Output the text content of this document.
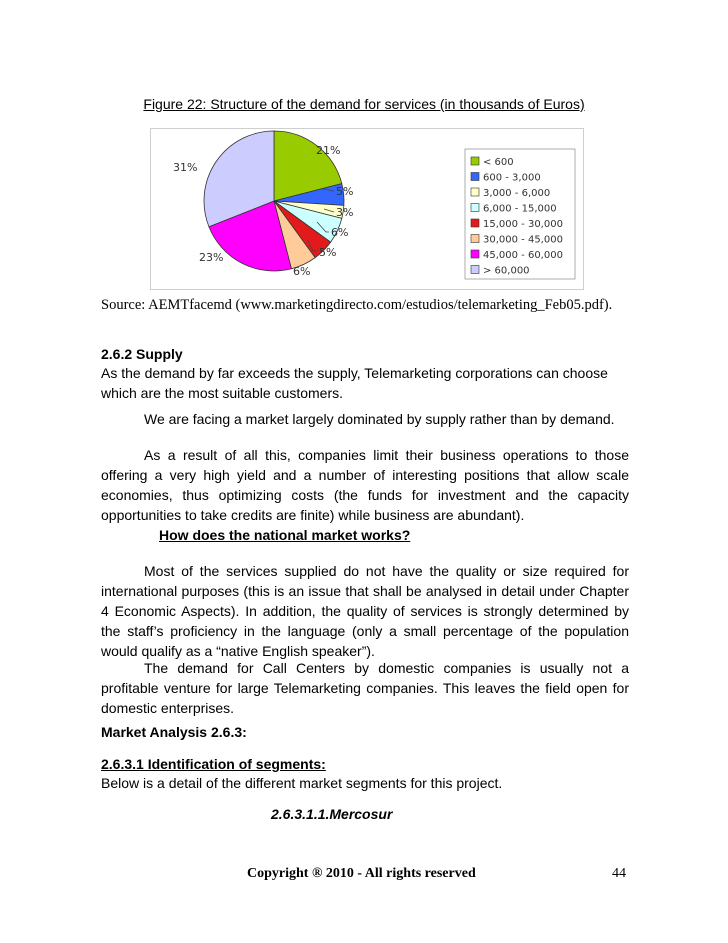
Figure 22: Structure of the demand for services (in thousands of Euros)
21%
5%
3%
6%
5%
6%
23%
31%	< 600
600 - 3,000
3,000 - 6,000
6,000 - 15,000
15,000 - 30,000
30,000 - 45,000
45,000 - 60,000
> 60,000
Source: AEMTfacemd (www.marketingdirecto.com/estudios/telemarketing_Feb05.pdf).
2.6.2 Supply
As the demand by far exceeds the supply, Telemarketing corporations can choose which are the most suitable customers.
We are facing a market largely dominated by supply rather than by demand.
As a result of all this, companies limit their business operations to those offering a very high yield and a number of interesting positions that allow scale economies, thus optimizing costs (the funds for investment and the capacity opportunities to take credits are finite) while business are abundant).
How does the national market works?
Most of the services supplied do not have the quality or size required for international purposes (this is an issue that shall be analysed in detail under Chapter 4 Economic Aspects). In addition, the quality of services is strongly determined by the staff’s proficiency in the language (only a small percentage of the population would qualify as a “native English speaker”).
The demand for Call Centers by domestic companies is usually not a profitable venture for large Telemarketing companies. This leaves the field open for domestic enterprises.
Market Analysis 2.6.3:
2.6.3.1 Identification of segments:
Below is a detail of the different market segments for this project.
2.6.3.1.1.Mercosur
Copyright ® 2010 - All rights reserved	44
